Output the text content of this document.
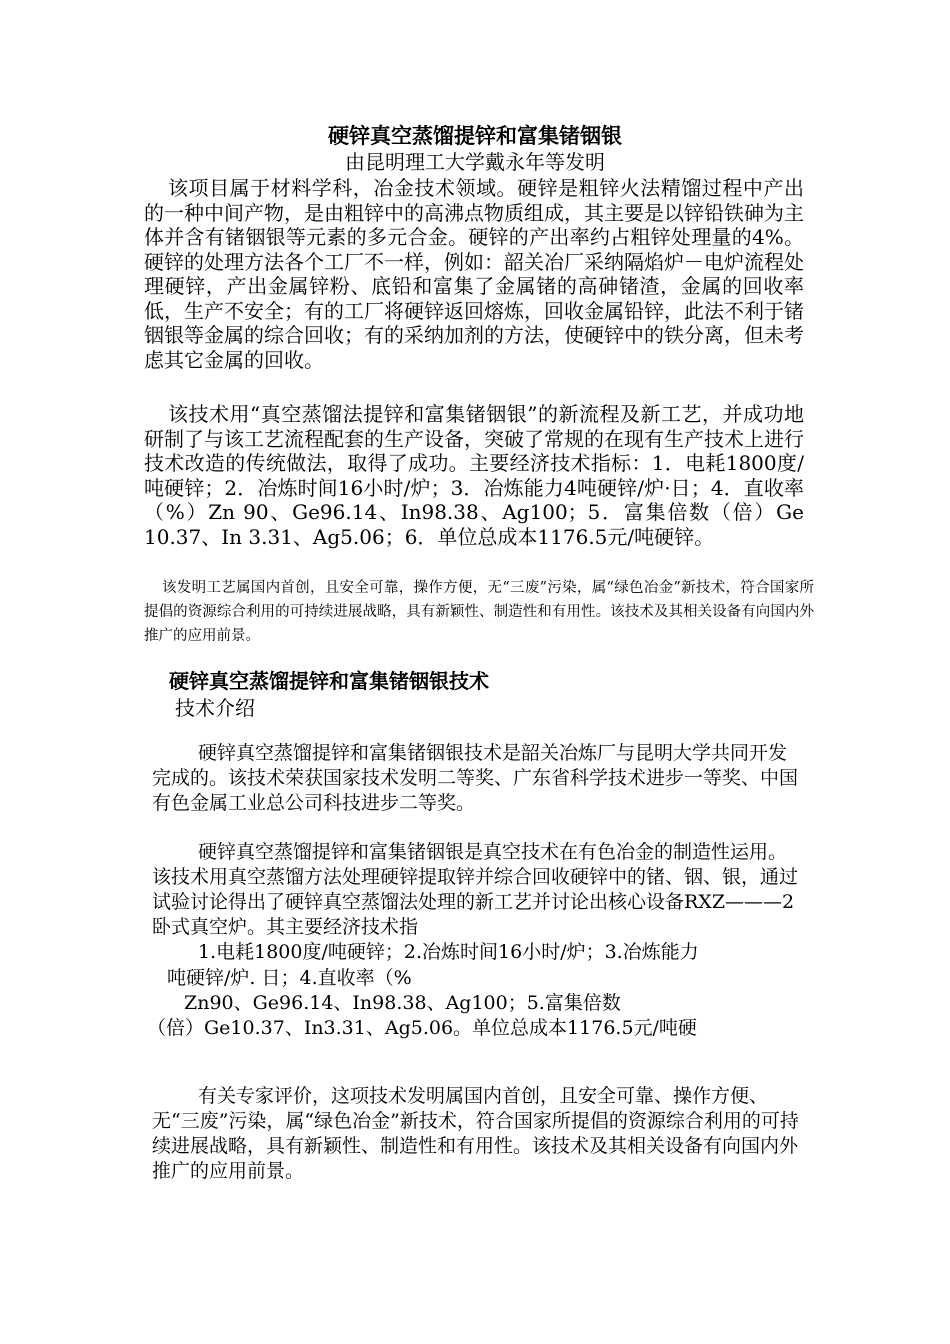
硬锌真空蒸馏提锌和富集锗铟银

由昆明理工大学戴永年等发明

该项目属于材料学科，冶金技术领域。硬锌是粗锌火法精馏过程中产出的一种中间产物，是由粗锌中的高沸点物质组成，其主要是以锌铅铁砷为主体并含有锗铟银等元素的多元合金。硬锌的产出率约占粗锌处理量的4%。硬锌的处理方法各个工厂不一样，例如：韶关冶厂采纳隔焰炉－电炉流程处理硬锌，产出金属锌粉、底铅和富集了金属锗的高砷锗渣，金属的回收率低，生产不安全；有的工厂将硬锌返回熔炼，回收金属铅锌，此法不利于锗铟银等金属的综合回收；有的采纳加剂的方法，使硬锌中的铁分离，但未考虑其它金属的回收。

该技术用“真空蒸馏法提锌和富集锗铟银”的新流程及新工艺，并成功地研制了与该工艺流程配套的生产设备，突破了常规的在现有生产技术上进行技术改造的传统做法，取得了成功。主要经济技术指标：1．电耗1800度/吨硬锌；2．冶炼时间16小时/炉；3．冶炼能力4吨硬锌/炉·日；4．直收率（%）Zn 90、Ge96.14、In98.38、Ag100；5．富集倍数（倍）Ge 10.37、In 3.31、Ag5.06；6．单位总成本1176.5元/吨硬锌。

该发明工艺属国内首创，且安全可靠，操作方便，无“三废”污染，属“绿色冶金”新技术，符合国家所提倡的资源综合利用的可持续进展战略，具有新颖性、制造性和有用性。该技术及其相关设备有向国内外推广的应用前景。

硬锌真空蒸馏提锌和富集锗铟银技术

技术介绍

硬锌真空蒸馏提锌和富集锗铟银技术是韶关冶炼厂与昆明大学共同开发完成的。该技术荣获国家技术发明二等奖、广东省科学技术进步一等奖、中国有色金属工业总公司科技进步二等奖。

硬锌真空蒸馏提锌和富集锗铟银是真空技术在有色冶金的制造性运用。该技术用真空蒸馏方法处理硬锌提取锌并综合回收硬锌中的锗、铟、银，通过试验讨论得出了硬锌真空蒸馏法处理的新工艺并讨论出核心设备RXZ———2卧式真空炉。其主要经济技术指

1.电耗1800度/吨硬锌；2.冶炼时间16小时/炉；3.冶炼能力

吨硬锌/炉. 日；4.直收率（%

Zn90、Ge96.14、In98.38、Ag100；5.富集倍数

（倍）Ge10.37、In3.31、Ag5.06。单位总成本1176.5元/吨硬

有关专家评价，这项技术发明属国内首创，且安全可靠、操作方便、无“三废”污染，属“绿色冶金”新技术，符合国家所提倡的资源综合利用的可持续进展战略，具有新颖性、制造性和有用性。该技术及其相关设备有向国内外推广的应用前景。
